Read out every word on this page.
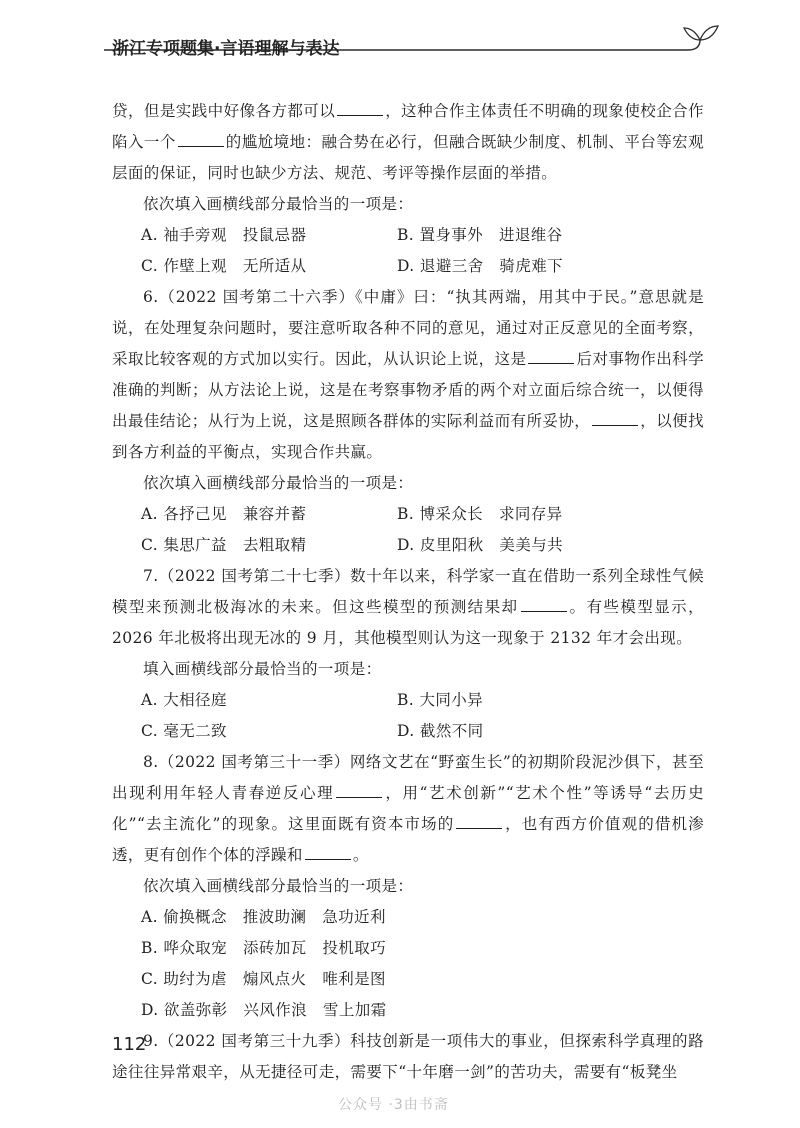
浙江专项题集·言语理解与表达

贷，但是实践中好像各方都可以	，这种合作主体责任不明确的现象使校企合作陷入一个	的尴尬境地：融合势在必行，但融合既缺少制度、机制、平台等宏观层面的保证，同时也缺少方法、规范、考评等操作层面的举措。

依次填入画横线部分最恰当的一项是：

A. 袖手旁观　投鼠忌器	B. 置身事外　进退维谷
C. 作壁上观　无所适从	D. 退避三舍　骑虎难下

6.（2022 国考第二十六季）《中庸》曰：“执其两端，用其中于民。”意思就是说，在处理复杂问题时，要注意听取各种不同的意见，通过对正反意见的全面考察，采取比较客观的方式加以实行。因此，从认识论上说，这是	后对事物作出科学准确的判断；从方法论上说，这是在考察事物矛盾的两个对立面后综合统一，以便得出最佳结论；从行为上说，这是照顾各群体的实际利益而有所妥协，	，以便找到各方利益的平衡点，实现合作共赢。

依次填入画横线部分最恰当的一项是：

A. 各抒己见　兼容并蓄	B. 博采众长　求同存异
C. 集思广益　去粗取精	D. 皮里阳秋　美美与共

7.（2022 国考第二十七季）数十年以来，科学家一直在借助一系列全球性气候模型来预测北极海冰的未来。但这些模型的预测结果却	。有些模型显示，2026 年北极将出现无冰的 9 月，其他模型则认为这一现象于 2132 年才会出现。

填入画横线部分最恰当的一项是：

A. 大相径庭	B. 大同小异
C. 毫无二致	D. 截然不同

8.（2022 国考第三十一季）网络文艺在“野蛮生长”的初期阶段泥沙俱下，甚至出现利用年轻人青春逆反心理	，用“艺术创新”“艺术个性”等诱导“去历史化”“去主流化”的现象。这里面既有资本市场的	，也有西方价值观的借机渗透，更有创作个体的浮躁和	。

依次填入画横线部分最恰当的一项是：

A. 偷换概念　推波助澜　急功近利
B. 哗众取宠　添砖加瓦　投机取巧
C. 助纣为虐　煽风点火　唯利是图
D. 欲盖弥彰　兴风作浪　雪上加霜

9.（2022 国考第三十九季）科技创新是一项伟大的事业，但探索科学真理的路途往往异常艰辛，从无捷径可走，需要下“十年磨一剑”的苦功夫，需要有“板凳坐

112
公众号 ·3由书斋
